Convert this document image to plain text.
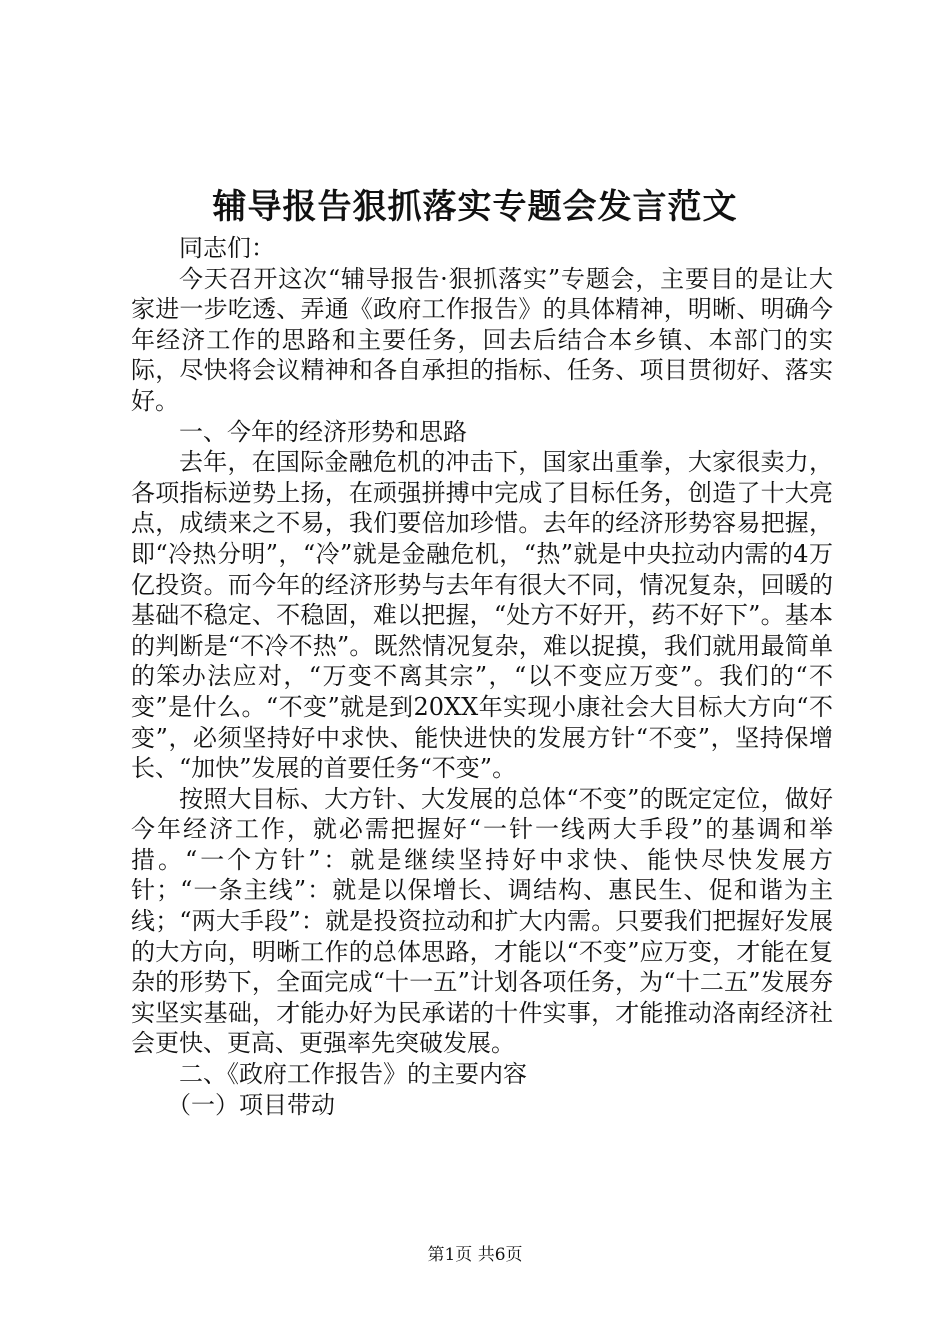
辅导报告狠抓落实专题会发言范文

同志们：

今天召开这次“辅导报告·狠抓落实”专题会，主要目的是让大家进一步吃透、弄通《政府工作报告》的具体精神，明晰、明确今年经济工作的思路和主要任务，回去后结合本乡镇、本部门的实际，尽快将会议精神和各自承担的指标、任务、项目贯彻好、落实好。

一、今年的经济形势和思路

去年，在国际金融危机的冲击下，国家出重拳，大家很卖力，各项指标逆势上扬，在顽强拼搏中完成了目标任务，创造了十大亮点，成绩来之不易，我们要倍加珍惜。去年的经济形势容易把握，即“冷热分明”，“冷”就是金融危机，“热”就是中央拉动内需的4万亿投资。而今年的经济形势与去年有很大不同，情况复杂，回暖的基础不稳定、不稳固，难以把握，“处方不好开，药不好下”。基本的判断是“不冷不热”。既然情况复杂，难以捉摸，我们就用最简单的笨办法应对，“万变不离其宗”，“以不变应万变”。我们的“不变”是什么。“不变”就是到20XX年实现小康社会大目标大方向“不变”，必须坚持好中求快、能快进快的发展方针“不变”，坚持保增长、“加快”发展的首要任务“不变”。

按照大目标、大方针、大发展的总体“不变”的既定定位，做好今年经济工作，就必需把握好“一针一线两大手段”的基调和举措。“一个方针”：就是继续坚持好中求快、能快尽快发展方针；“一条主线”：就是以保增长、调结构、惠民生、促和谐为主线；“两大手段”：就是投资拉动和扩大内需。只要我们把握好发展的大方向，明晰工作的总体思路，才能以“不变”应万变，才能在复杂的形势下，全面完成“十一五”计划各项任务，为“十二五”发展夯实坚实基础，才能办好为民承诺的十件实事，才能推动洛南经济社会更快、更高、更强率先突破发展。

二、《政府工作报告》的主要内容

（一）项目带动

第1页 共6页
